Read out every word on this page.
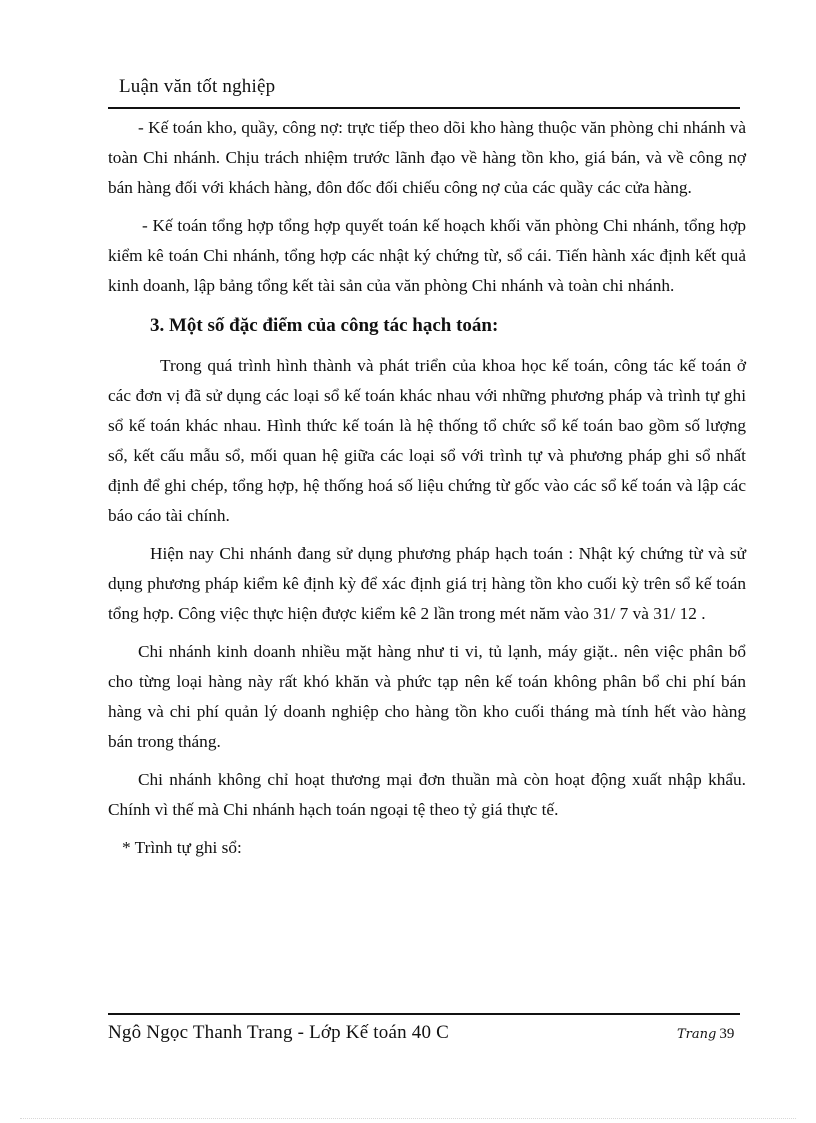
Luận văn tốt nghiệp

- Kế toán kho, quầy, công nợ: trực tiếp theo dõi kho hàng thuộc văn phòng chi nhánh và toàn Chi nhánh. Chịu trách nhiệm trước lãnh đạo về hàng tồn kho, giá bán, và về công nợ bán hàng đối với khách hàng, đôn đốc đối chiếu công nợ của các quầy các cửa hàng.

- Kế toán tổng hợp tổng hợp quyết toán kế hoạch khối văn phòng Chi nhánh, tổng hợp kiểm kê toán Chi nhánh, tổng hợp các nhật ký chứng từ, sổ cái. Tiến hành xác định kết quả kinh doanh, lập bảng tổng kết tài sản của văn phòng Chi nhánh và toàn chi nhánh.

3. Một số đặc điểm của công tác hạch toán:

Trong quá trình hình thành và phát triển của khoa học kế toán, công tác kế toán ở các đơn vị đã sử dụng các loại sổ kế toán khác nhau với những phương pháp và trình tự ghi sổ kế toán khác nhau. Hình thức kế toán là hệ thống tổ chức sổ kế toán bao gồm số lượng sổ, kết cấu mẫu sổ, mối quan hệ giữa các loại sổ với trình tự và phương pháp ghi sổ nhất định để ghi chép, tổng hợp, hệ thống hoá số liệu chứng từ gốc vào các sổ kế toán và lập các báo cáo tài chính.

Hiện nay Chi nhánh đang sử dụng phương pháp hạch toán : Nhật ký chứng từ và sử dụng phương pháp kiểm kê định kỳ để xác định giá trị hàng tồn kho cuối kỳ trên sổ kế toán tổng hợp. Công việc thực hiện được kiểm kê 2 lần trong mét năm vào 31/ 7 và 31/ 12 .

Chi nhánh kinh doanh nhiều mặt hàng như ti vi, tủ lạnh, máy giặt.. nên việc phân bổ cho từng loại hàng này rất khó khăn và phức tạp nên kế toán không phân bổ chi phí bán hàng và chi phí quản lý doanh nghiệp cho hàng tồn kho cuối tháng mà tính hết vào hàng bán trong tháng.

Chi nhánh không chỉ hoạt thương mại đơn thuần mà còn hoạt động xuất nhập khẩu. Chính vì thế mà Chi nhánh hạch toán ngoại tệ theo tỷ giá thực tế.

* Trình tự ghi sổ:

Ngô Ngọc Thanh Trang - Lớp Kế toán 40 C	Trang 39
